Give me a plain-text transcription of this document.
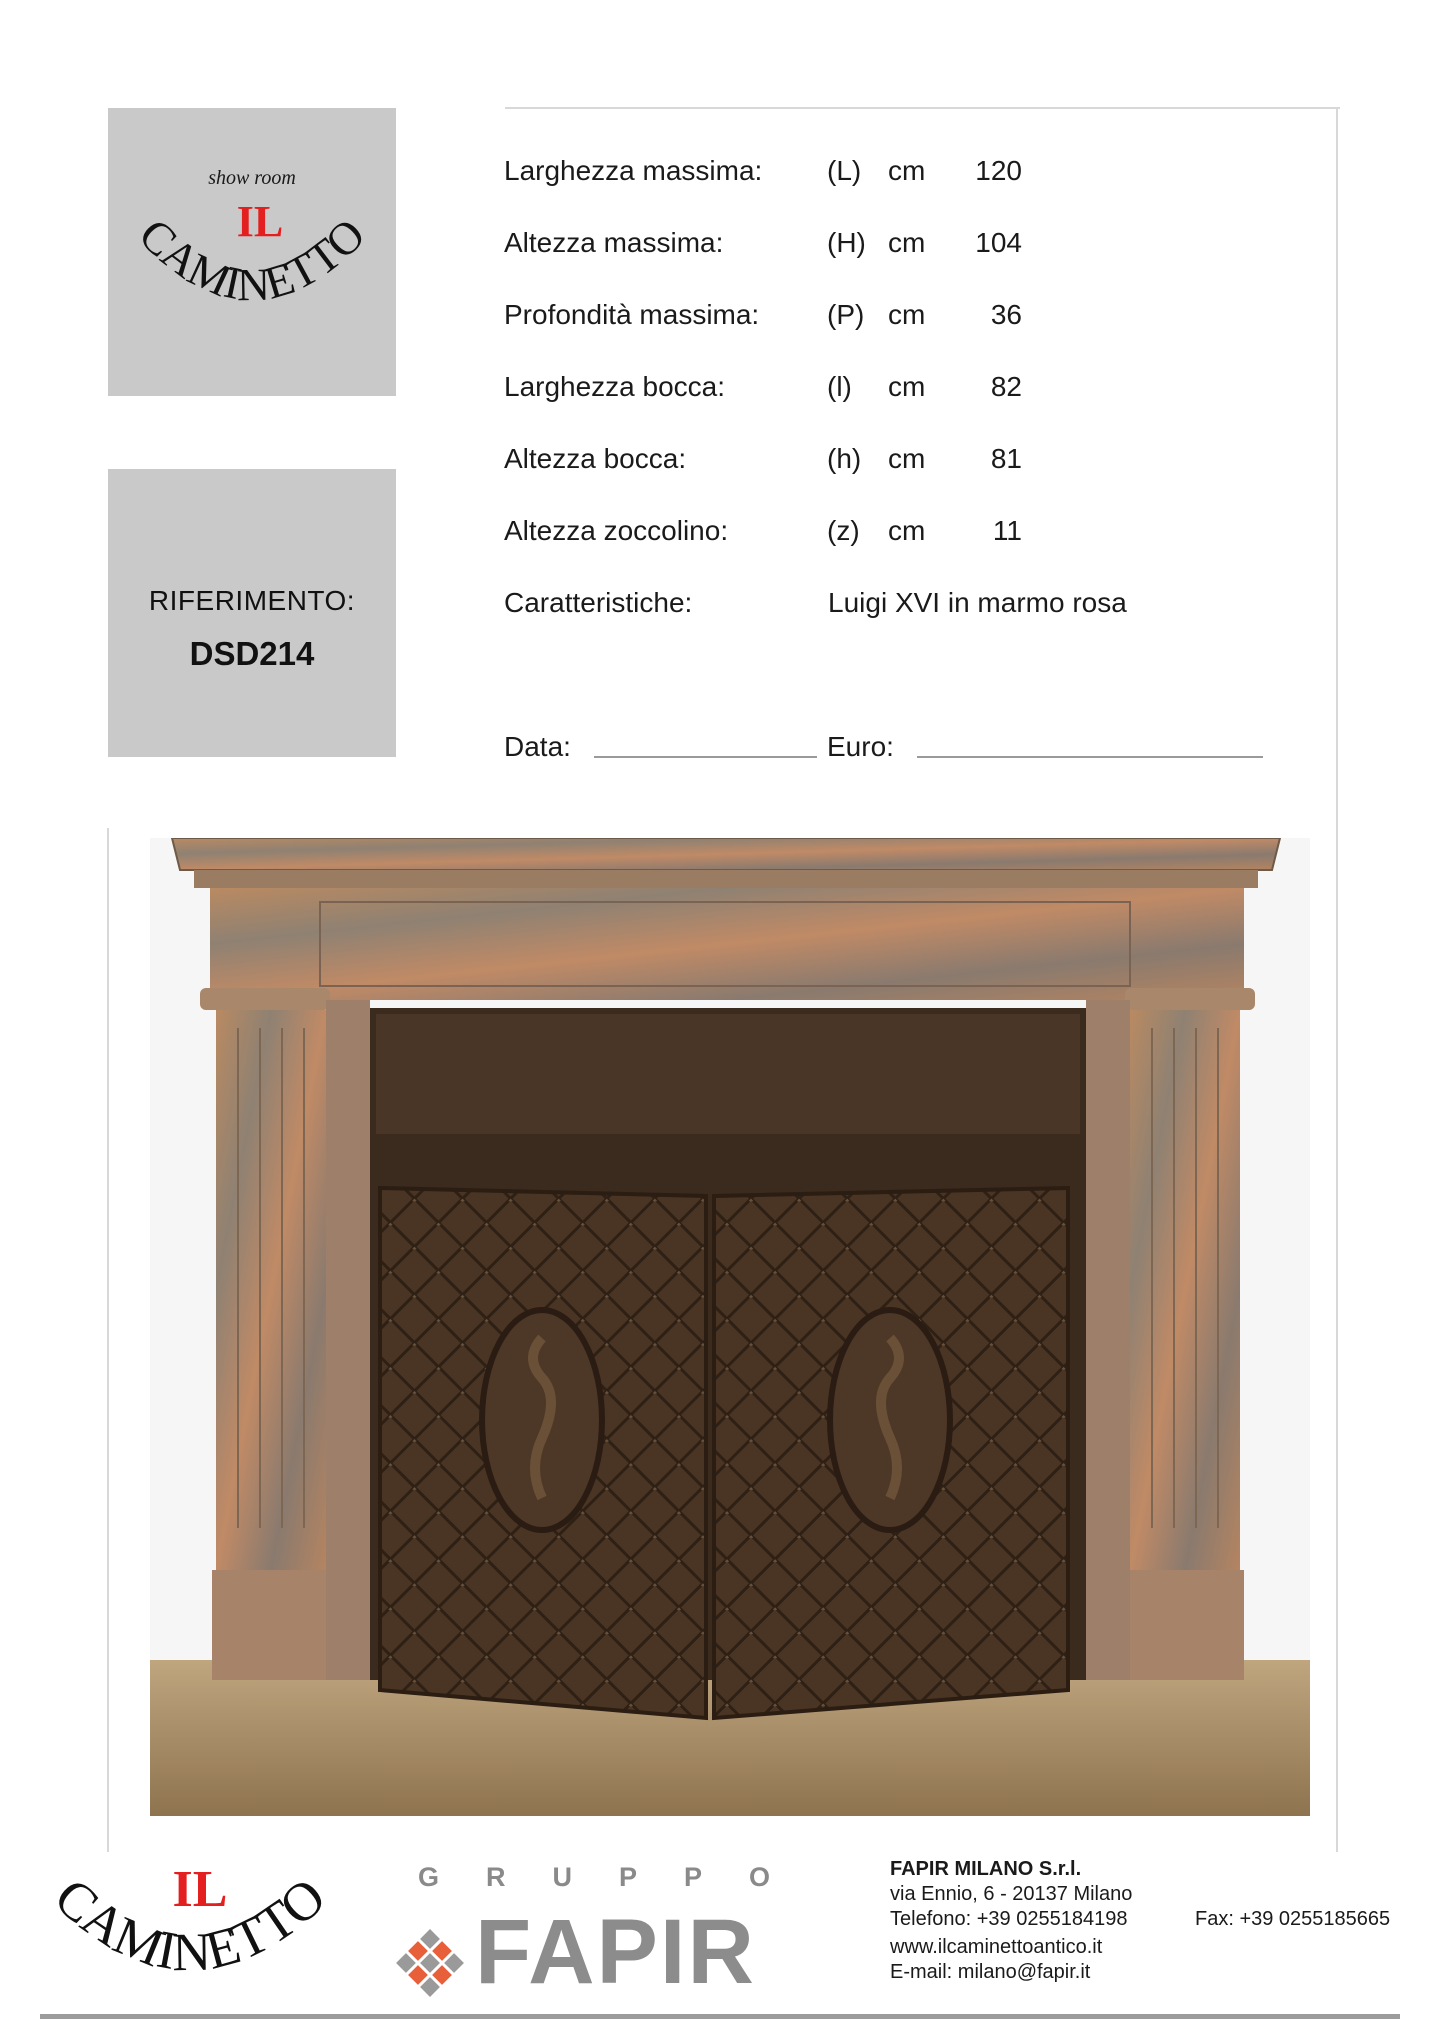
show room
IL
CAMINETTO
RIFERIMENTO:
DSD214
Larghezza massima: (L) cm	120
Altezza massima:	(H) cm	104
Profondità massima: (P) cm	36
Larghezza bocca:	(l) cm	82
Altezza bocca:	(h) cm	81
Altezza zoccolino:	(z) cm	11
Caratteristiche:	Luigi XVI in marmo rosa
Data:	Euro:
IL
CAMINETTO	GRUPPO
FAPIR
FAPIR MILANO S.r.l.
via Ennio, 6 - 20137 Milano
Telefono: +39 0255184198	Fax: +39 0255185665
www.ilcaminettoantico.it
E-mail: milano@fapir.it
